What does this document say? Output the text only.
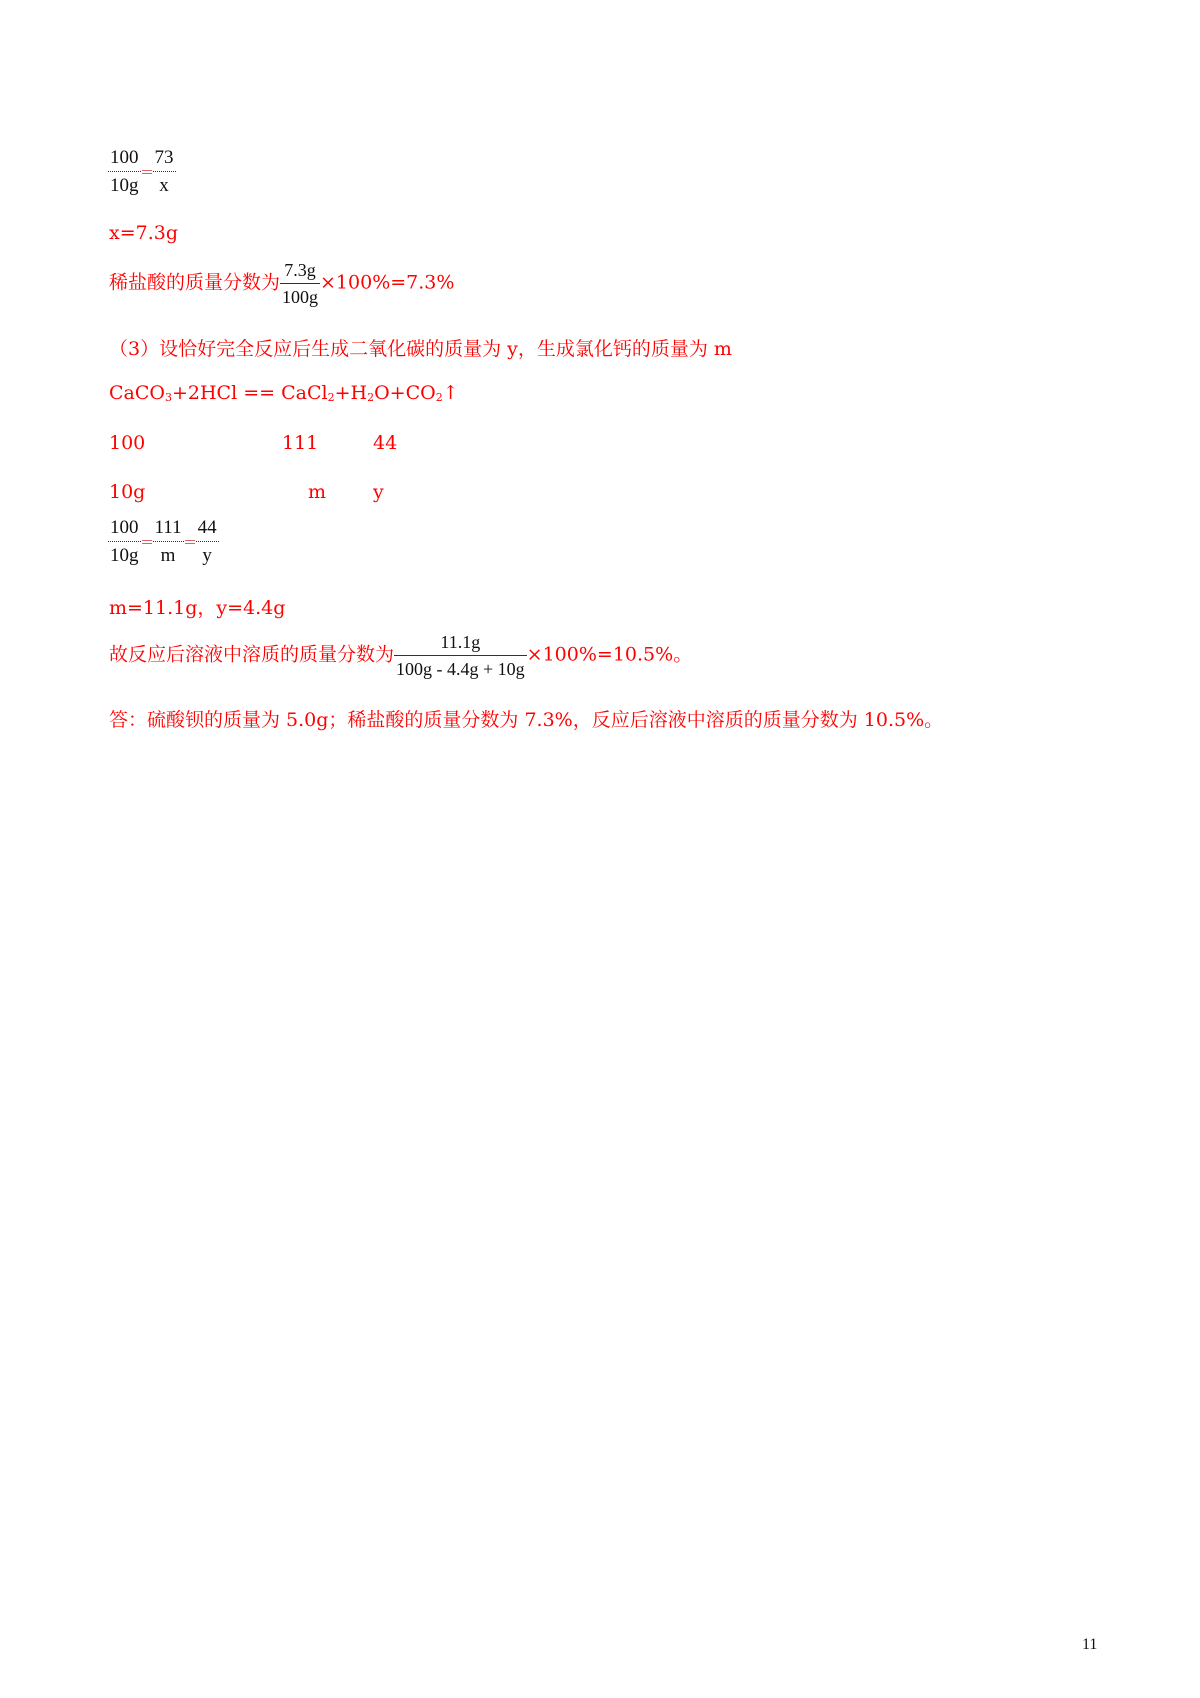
100
10g
73
x
x=7.3g
稀盐酸的质量分数为 $\frac{7.3g}{100g} \times 100\%=7.3\%$
（3）设恰好完全反应后生成二氧化碳的质量为 y，生成氯化钙的质量为 m
CaCO$_3$+2HCl == $CaCl_2+H_2O+CO_2↑$
100	111	44
10g	m y
100
10g
111
m
44
y
m=11.1g，y=4.4g
故反应后溶液中溶质的质量分数为 $\frac{11.1g}{100g - 4.4g + 10g} \times 100\%=10.5\%$。
答：硫酸钡的质量为 5.0g；稀盐酸的质量分数为 7.3%，反应后溶液中溶质的质量分数为 10.5%。
11
